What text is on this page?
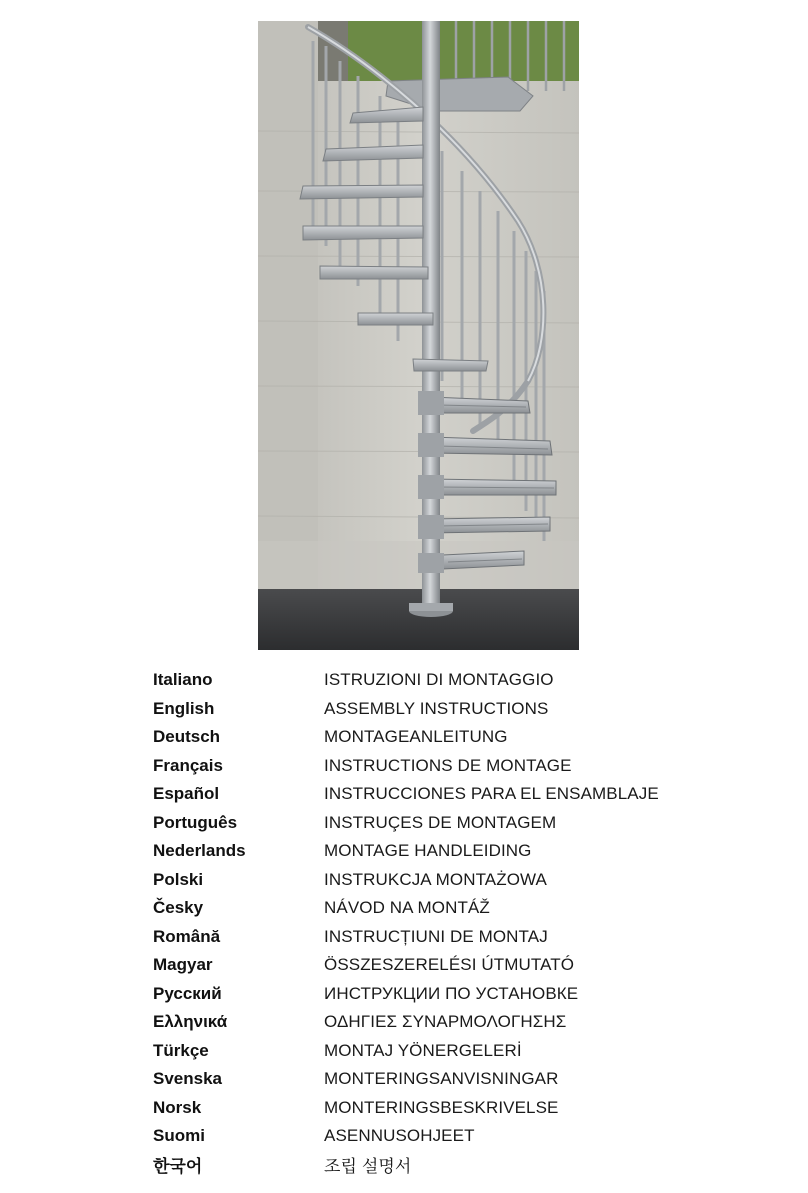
Italiano	ISTRUZIONI DI MONTAGGIO
English	ASSEMBLY INSTRUCTIONS
Deutsch	MONTAGEANLEITUNG
Français	INSTRUCTIONS DE MONTAGE
Español	INSTRUCCIONES PARA EL ENSAMBLAJE
Português	INSTRUÇES DE MONTAGEM
Nederlands	MONTAGE HANDLEIDING
Polski	INSTRUKCJA MONTAŻOWA
Česky	NÁVOD NA MONTÁŽ
Română	INSTRUCȚIUNI DE MONTAJ
Magyar	ÖSSZESZERELÉSI ÚTMUTATÓ
Русский	ИНСТРУКЦИИ ПО УСТАНОВКЕ
Ελληνικά	ΟΔΗΓΙΕΣ ΣΥΝΑΡΜΟΛΟΓΗΣΗΣ
Türkçe	MONTAJ YÖNERGELERİ
Svenska	MONTERINGSANVISNINGAR
Norsk	MONTERINGSBESKRIVELSE
Suomi	ASENNUSOHJEET
한국어	조립 설명서
